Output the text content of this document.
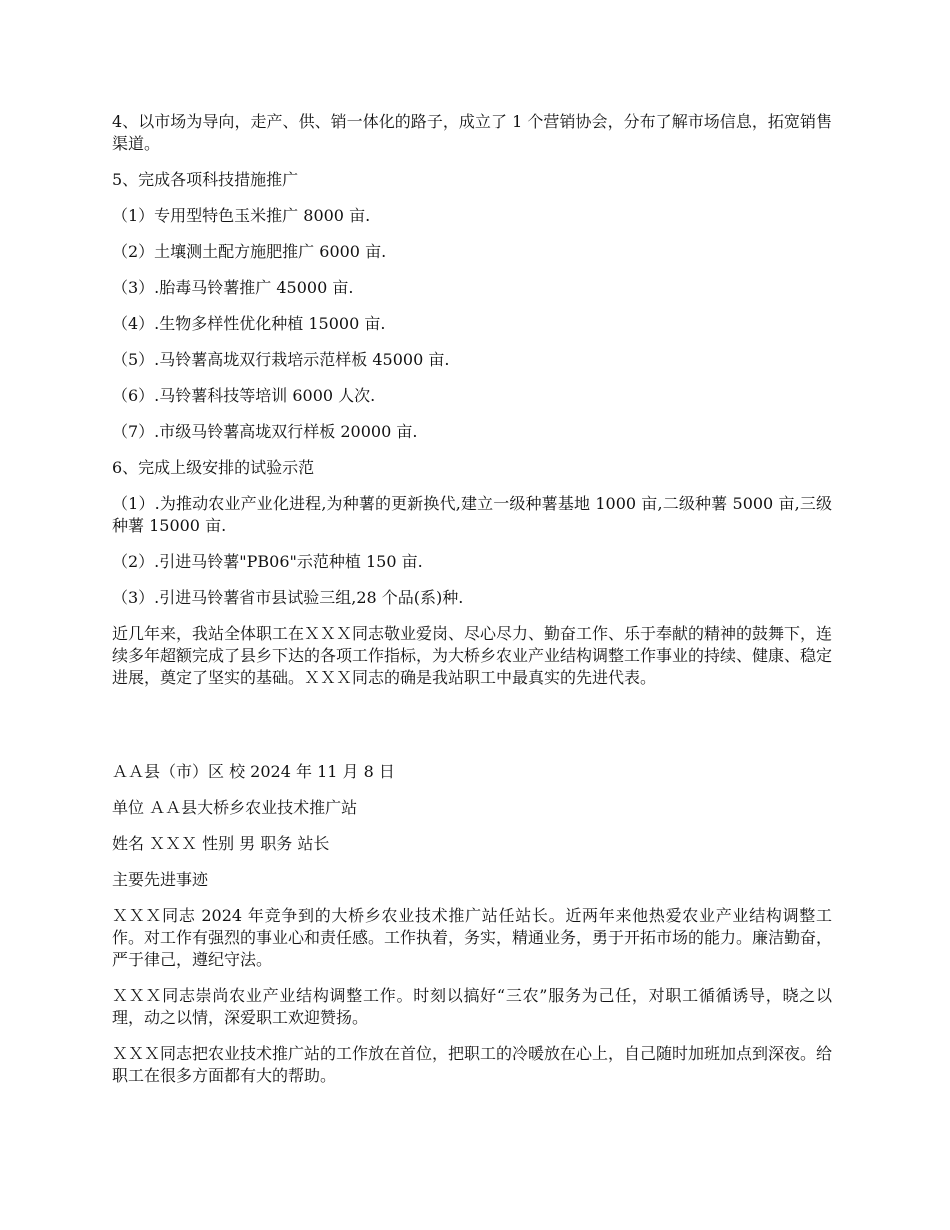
4、以市场为导向，走产、供、销一体化的路子，成立了 1 个营销协会，分布了解市场信息，拓宽销售渠道。

5、完成各项科技措施推广

（1）专用型特色玉米推广 8000 亩.

（2）土壤测土配方施肥推广 6000 亩.

（3）.胎毒马铃薯推广 45000 亩.

（4）.生物多样性优化种植 15000 亩.

（5）.马铃薯高垅双行栽培示范样板 45000 亩.

（6）.马铃薯科技等培训 6000 人次.

（7）.市级马铃薯高垅双行样板 20000 亩.

6、完成上级安排的试验示范

（1）.为推动农业产业化进程,为种薯的更新换代,建立一级种薯基地 1000 亩,二级种薯 5000 亩,三级种薯 15000 亩.

（2）.引进马铃薯"PB06"示范种植 150 亩.

（3）.引进马铃薯省市县试验三组,28 个品(系)种.

近几年来，我站全体职工在ＸＸＸ同志敬业爱岗、尽心尽力、勤奋工作、乐于奉献的精神的鼓舞下，连续多年超额完成了县乡下达的各项工作指标，为大桥乡农业产业结构调整工作事业的持续、健康、稳定进展，奠定了坚实的基础。ＸＸＸ同志的确是我站职工中最真实的先进代表。

ＡＡ县（市）区 校 2024 年 11 月 8 日

单位 ＡＡ县大桥乡农业技术推广站

姓名 ＸＸＸ 性别 男 职务 站长

主要先进事迹

ＸＸＸ同志 2024 年竞争到的大桥乡农业技术推广站任站长。近两年来他热爱农业产业结构调整工作。对工作有强烈的事业心和责任感。工作执着，务实，精通业务，勇于开拓市场的能力。廉洁勤奋，严于律己，遵纪守法。

ＸＸＸ同志崇尚农业产业结构调整工作。时刻以搞好“三农”服务为己任，对职工循循诱导，晓之以理，动之以情，深爱职工欢迎赞扬。

ＸＸＸ同志把农业技术推广站的工作放在首位，把职工的冷暖放在心上，自己随时加班加点到深夜。给职工在很多方面都有大的帮助。
